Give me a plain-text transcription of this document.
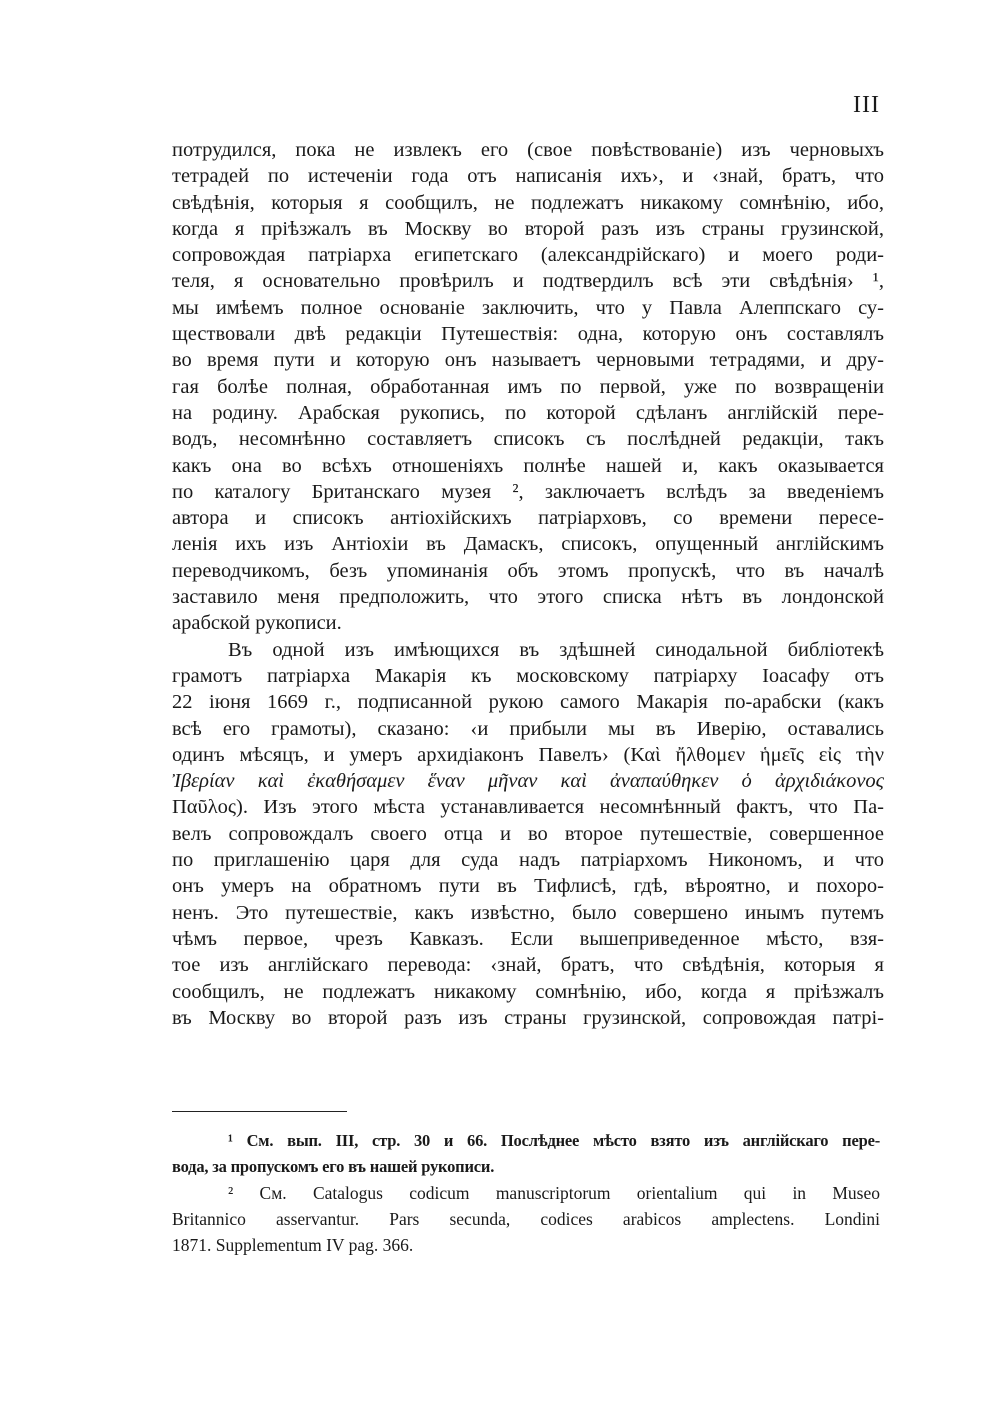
III
потрудился, пока не извлекъ его (свое повѣствованіе) изъ черновыхъ
тетрадей по истеченіи года отъ написанія ихъ›, и ‹знай, братъ, что
свѣдѣнія, которыя я сообщилъ, не подлежатъ никакому сомнѣнію, ибо,
когда я пріѣзжалъ въ Москву во второй разъ изъ страны грузинской,
сопровождая патріарха египетскаго (александрійскаго) и моего роди-
теля, я основательно провѣрилъ и подтвердилъ всѣ эти свѣдѣнія› ¹,
мы имѣемъ полное основаніе заключить, что у Павла Алеппскаго су-
ществовали двѣ редакціи Путешествія: одна, которую онъ составлялъ
во время пути и которую онъ называетъ черновыми тетрадями, и дру-
гая болѣе полная, обработанная имъ по первой, уже по возвращеніи
на родину. Арабская рукопись, по которой сдѣланъ англійскій пере-
водъ, несомнѣнно составляетъ списокъ съ послѣдней редакціи, такъ
какъ она во всѣхъ отношеніяхъ полнѣе нашей и, какъ оказывается
по каталогу Британскаго музея ², заключаетъ вслѣдъ за введеніемъ
автора и списокъ антіохійскихъ патріарховъ, со времени пересе-
ленія ихъ изъ Антіохіи въ Дамаскъ, списокъ, опущенный англійскимъ
переводчикомъ, безъ упоминанія объ этомъ пропускѣ, что въ началѣ
заставило меня предположить, что этого списка нѣтъ въ лондонской
арабской рукописи.
Въ одной изъ имѣющихся въ здѣшней синодальной библіотекѣ
грамотъ патріарха Макарія къ московскому патріарху Іоасафу отъ
22 іюня 1669 г., подписанной рукою самого Макарія по-арабски (какъ
всѣ его грамоты), сказано: ‹и прибыли мы въ Иверію, оставались
одинъ мѣсяцъ, и умеръ архидіаконъ Павелъ› (Καὶ ἤλθομεν ἡμεῖς εἰς τὴν
Ἰβερίαν καὶ ἐκαθήσαμεν ἕναν μῆναν καὶ ἀναπαύθηκεν ὁ ἀρχιδιάκονος
Παῦλος). Изъ этого мѣста устанавливается несомнѣнный фактъ, что Па-
велъ сопровождалъ своего отца и во второе путешествіе, совершенное
по приглашенію царя для суда надъ патріархомъ Никономъ, и что
онъ умеръ на обратномъ пути въ Тифлисѣ, гдѣ, вѣроятно, и похоро-
ненъ. Это путешествіе, какъ извѣстно, было совершено инымъ путемъ
чѣмъ первое, чрезъ Кавказъ. Если вышеприведенное мѣсто, взя-
тое изъ англійскаго перевода: ‹знай, братъ, что свѣдѣнія, которыя я
сообщилъ, не подлежатъ никакому сомнѣнію, ибо, когда я пріѣзжалъ
въ Москву во второй разъ изъ страны грузинской, сопровождая патрі-
¹ См. вып. III, стр. 30 и 66. Послѣднее мѣсто взято изъ англійскаго пере-
вода, за пропускомъ его въ нашей рукописи.
² См. Catalogus codicum manuscriptorum orientalium qui in Museo
Britannico asservantur. Pars secunda, codices arabicos amplectens. Londini
1871. Supplementum IV pag. 366.
